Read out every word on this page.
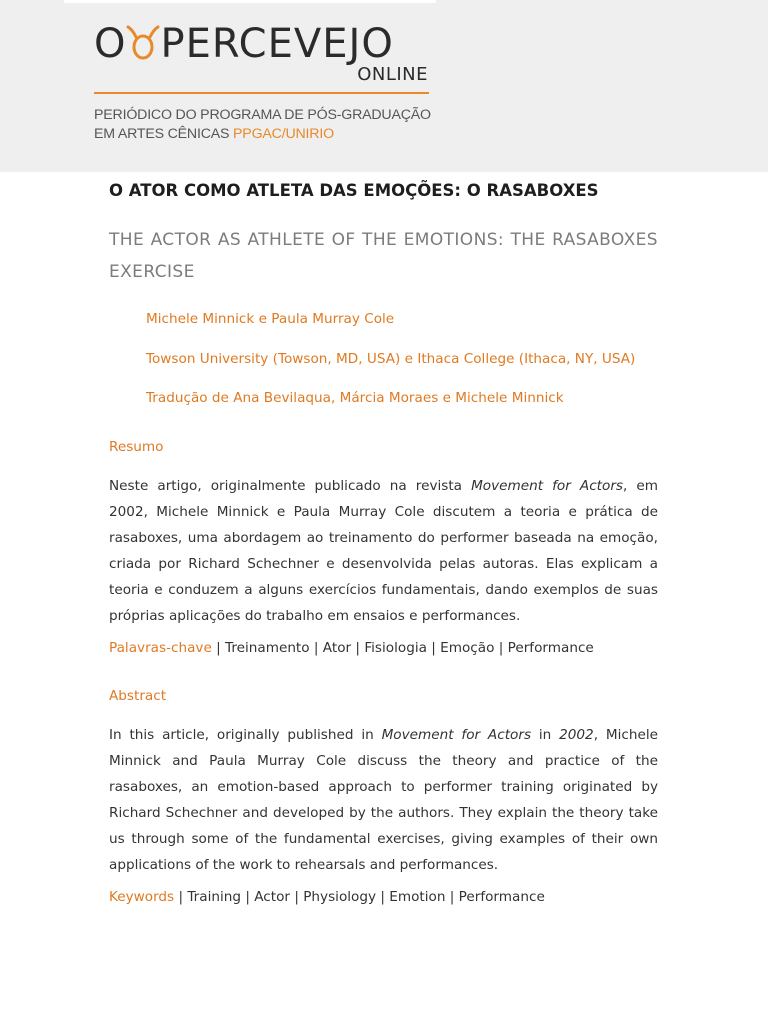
O PERCEVEJO
ONLINE
PERIÓDICO DO PROGRAMA DE PÓS-GRADUAÇÃO
EM ARTES CÊNICAS PPGAC/UNIRIO
O ATOR COMO ATLETA DAS EMOÇÕES: O RASABOXES
THE ACTOR AS ATHLETE OF THE EMOTIONS: THE RASABOXES EXERCISE

Michele Minnick e Paula Murray Cole

Towson University (Towson, MD, USA) e Ithaca College (Ithaca, NY, USA)

Tradução de Ana Bevilaqua, Márcia Moraes e Michele Minnick

Resumo

Neste artigo, originalmente publicado na revista Movement for Actors, em 2002, Michele Minnick e Paula Murray Cole discutem a teoria e prática de rasaboxes, uma abordagem ao treinamento do performer baseada na emoção, criada por Richard Schechner e desenvolvida pelas autoras. Elas explicam a teoria e conduzem a alguns exercícios fundamentais, dando exemplos de suas próprias aplicações do trabalho em ensaios e performances.

Palavras-chave | Treinamento | Ator | Fisiologia | Emoção | Performance

Abstract

In this article, originally published in Movement for Actors in 2002, Michele Minnick and Paula Murray Cole discuss the theory and practice of the rasaboxes, an emotion-based approach to performer training originated by Richard Schechner and developed by the authors. They explain the theory take us through some of the fundamental exercises, giving examples of their own applications of the work to rehearsals and performances.

Keywords | Training | Actor | Physiology | Emotion | Performance
